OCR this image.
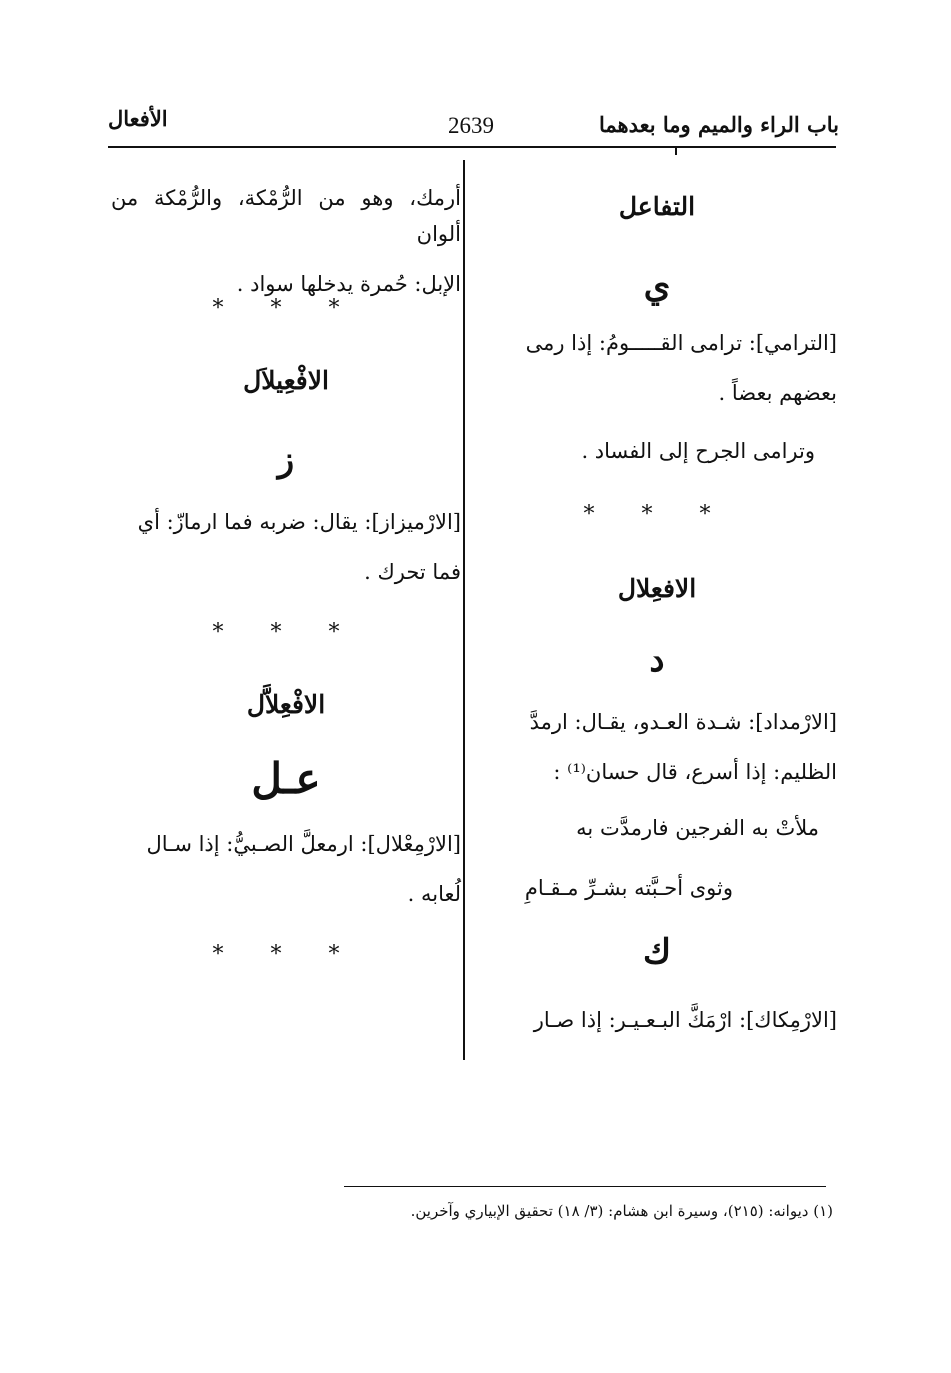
باب الراء والميم وما بعدهما
2639
الأفعال
التفاعل
ي
[الترامي]: ترامى القـــــومُ: إذا رمى
بعضهم بعضاً .
وترامى الجرح إلى الفساد .
* * *
الافعِلال
د
[الارْمداد]: شـدة العـدو، يقـال: ارمدَّ
الظليم: إذا أسرع، قال حسان⁽¹⁾ :
ملأتْ به الفرجين فارمدَّت به
وثوى أحـبَّته بشـرِّ مـقـامِ
ك
[الارْمِكاك]: ارْمَكَّ البـعـيـر: إذا صـار
أرمك، وهو من الرُّمْكة، والرُّمْكة من ألوان
الإبل: حُمرة يدخلها سواد .
* * *
الافْعِيلاَل
ز
[الارْميزاز]: يقال: ضربه فما ارمازّ: أي
فما تحرك .
* * *
الافْعِلاَّل
عـل
[الارْمِعْلال]: ارمعلَّ الصـبيُّ: إذا سـال
لُعابه .
* * *
(١) ديوانه: (٢١٥)، وسيرة ابن هشام: (٣/ ١٨) تحقيق الإبياري وآخرين.
